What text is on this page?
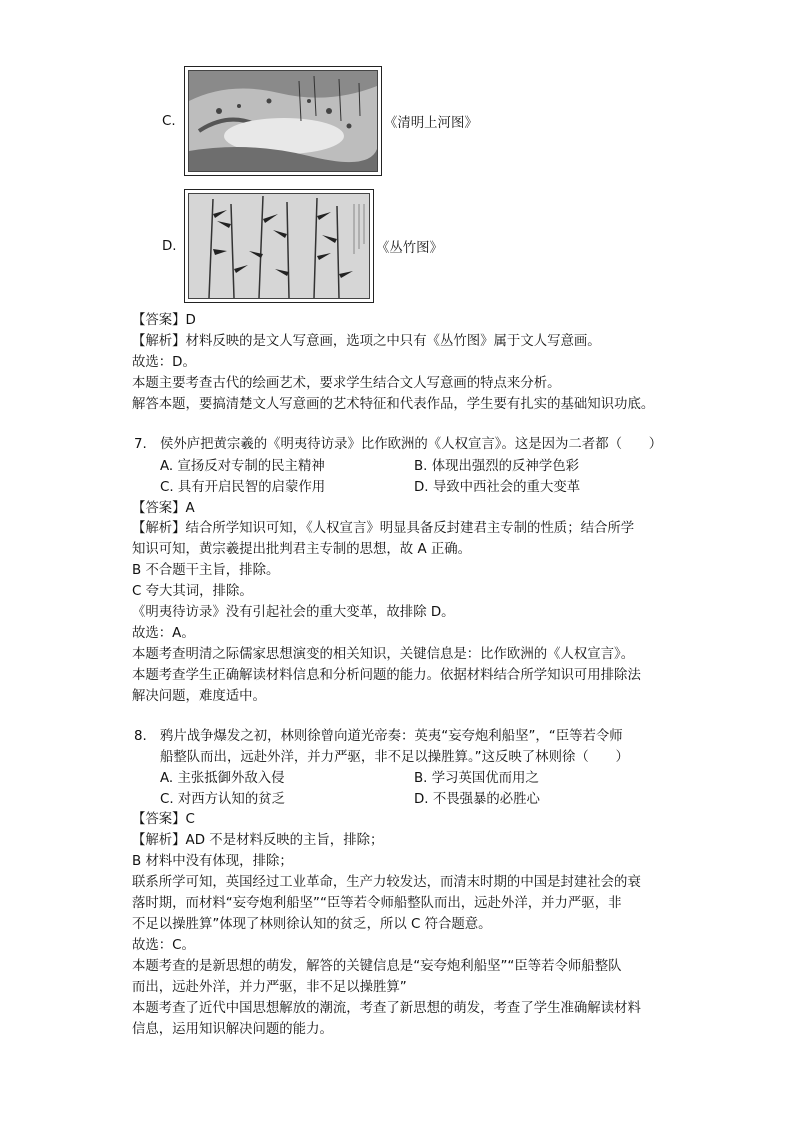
C.	《清明上河图》
D.	《丛竹图》
【答案】D
【解析】材料反映的是文人写意画，选项之中只有《丛竹图》属于文人写意画。
故选：D。
本题主要考查古代的绘画艺术，要求学生结合文人写意画的特点来分析。
解答本题，要搞清楚文人写意画的艺术特征和代表作品，学生要有扎实的基础知识功底。
7. 侯外庐把黄宗羲的《明夷待访录》比作欧洲的《人权宣言》。这是因为二者都（　　）
A. 宣扬反对专制的民主精神	B. 体现出强烈的反神学色彩
C. 具有开启民智的启蒙作用	D. 导致中西社会的重大变革
【答案】A
【解析】结合所学知识可知，《人权宣言》明显具备反封建君主专制的性质；结合所学
知识可知，黄宗羲提出批判君主专制的思想，故 A 正确。
B 不合题干主旨，排除。
C 夸大其词，排除。
《明夷待访录》没有引起社会的重大变革，故排除 D。
故选：A。
本题考查明清之际儒家思想演变的相关知识，关键信息是：比作欧洲的《人权宣言》。
本题考查学生正确解读材料信息和分析问题的能力。依据材料结合所学知识可用排除法
解决问题，难度适中。
8. 鸦片战争爆发之初，林则徐曾向道光帝奏：英夷“妄夸炮利船坚”，“臣等若令师
船整队而出，远赴外洋，并力严驱，非不足以操胜算。”这反映了林则徐（　　）
A. 主张抵御外敌入侵	B. 学习英国优而用之
C. 对西方认知的贫乏	D. 不畏强暴的必胜心
【答案】C
【解析】AD 不是材料反映的主旨，排除；
B 材料中没有体现，排除；
联系所学可知，英国经过工业革命，生产力较发达，而清末时期的中国是封建社会的衰
落时期，而材料“妄夸炮利船坚”“臣等若令师船整队而出，远赴外洋，并力严驱，非
不足以操胜算”体现了林则徐认知的贫乏，所以 C 符合题意。
故选：C。
本题考查的是新思想的萌发，解答的关键信息是“妄夸炮利船坚”“臣等若令师船整队
而出，远赴外洋，并力严驱，非不足以操胜算”
本题考查了近代中国思想解放的潮流，考查了新思想的萌发，考查了学生准确解读材料
信息，运用知识解决问题的能力。
